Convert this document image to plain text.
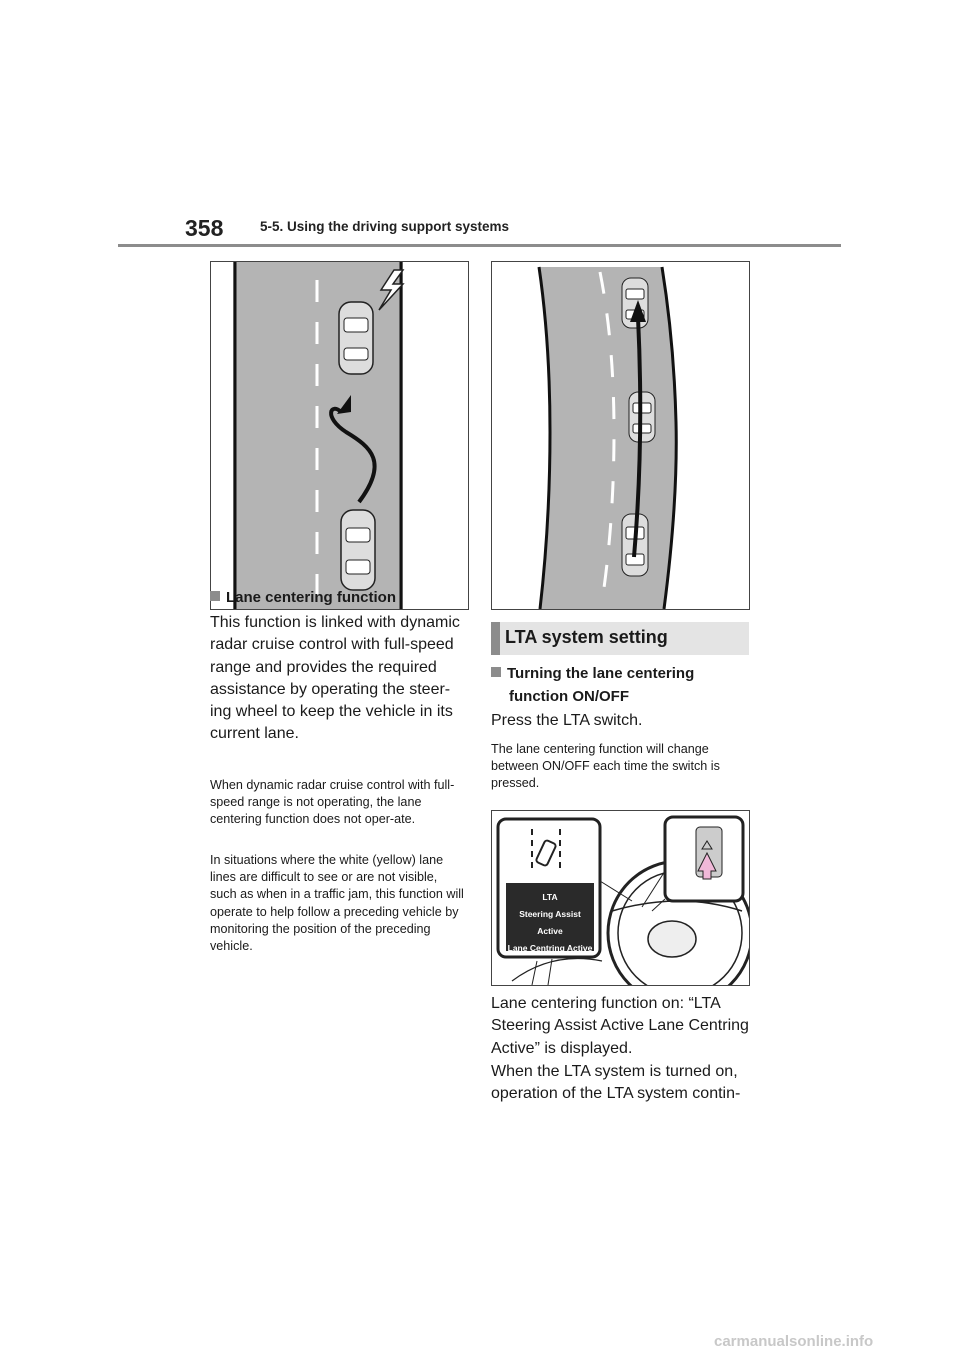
358	5-5. Using the driving support systems
Lane centering function
This function is linked with dynamic radar cruise control with full-speed range and provides the required assistance by operating the steer-ing wheel to keep the vehicle in its current lane.
When dynamic radar cruise control with full-speed range is not operating, the lane centering function does not oper-ate.
In situations where the white (yellow) lane lines are difficult to see or are not visible, such as when in a traffic jam, this function will operate to help follow a preceding vehicle by monitoring the position of the preceding vehicle.
LTA system setting
Turning the lane centering function ON/OFF
Press the LTA switch.
The lane centering function will change between ON/OFF each time the switch is pressed.
LTA
Steering Assist Active
Lane Centring Active
Lane centering function on: “LTA Steering Assist Active Lane Centring Active” is displayed.
When the LTA system is turned on, operation of the LTA system contin-
carmanualsonline.info
